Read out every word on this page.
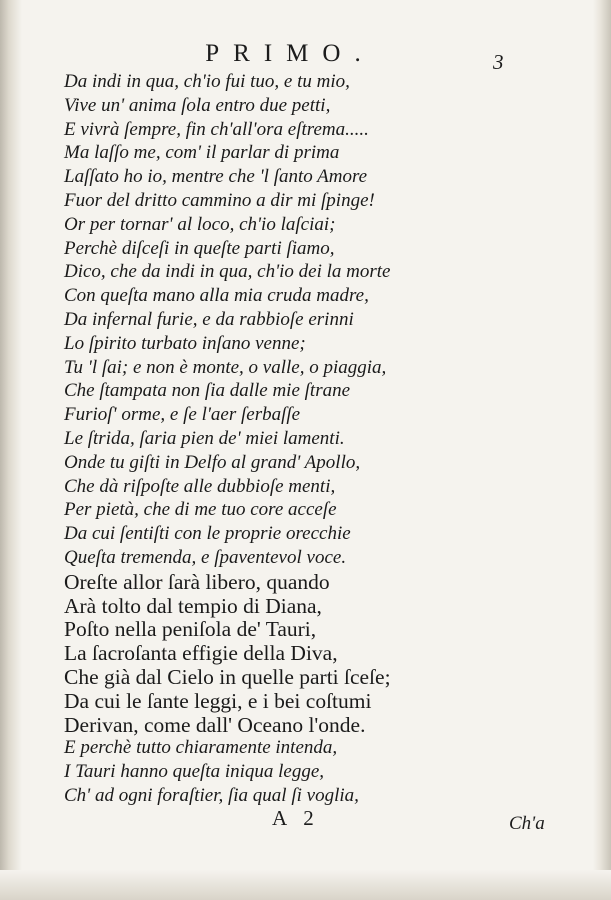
PRIMO.	3
Da indi in qua, ch'io fui tuo, e tu mio,
Vive un' anima ſola entro due petti,
E vivrà ſempre, fin ch'all'ora eſtrema.....
Ma laſſo me, com' il parlar di prima
Laſſato ho io, mentre che 'l ſanto Amore
Fuor del dritto cammino a dir mi ſpinge!
Or per tornar' al loco, ch'io laſciai;
Perchè diſceſi in queſte parti ſiamo,
Dico, che da indi in qua, ch'io dei la morte
Con queſta mano alla mia cruda madre,
Da infernal furie, e da rabbioſe erinni
Lo ſpirito turbato inſano venne;
Tu 'l ſai; e non è monte, o valle, o piaggia,
Che ſtampata non ſia dalle mie ſtrane
Furioſ' orme, e ſe l'aer ſerbaſſe
Le ſtrida, ſaria pien de' miei lamenti.
Onde tu giſti in Delfo al grand' Apollo,
Che dà riſpoſte alle dubbioſe menti,
Per pietà, che di me tuo core acceſe
Da cui ſentiſti con le proprie orecchie
Queſta tremenda, e ſpaventevol voce.
Oreſte allor ſarà libero, quando
Arà tolto dal tempio di Diana,
Poſto nella peniſola de' Tauri,
La ſacroſanta effigie della Diva,
Che già dal Cielo in quelle parti ſceſe;
Da cui le ſante leggi, e i bei coſtumi
Derivan, come dall' Oceano l'onde.
E perchè tutto chiaramente intenda,
I Tauri hanno queſta iniqua legge,
Ch' ad ogni foraſtier, ſia qual ſi voglia,
A 2	Ch'a
